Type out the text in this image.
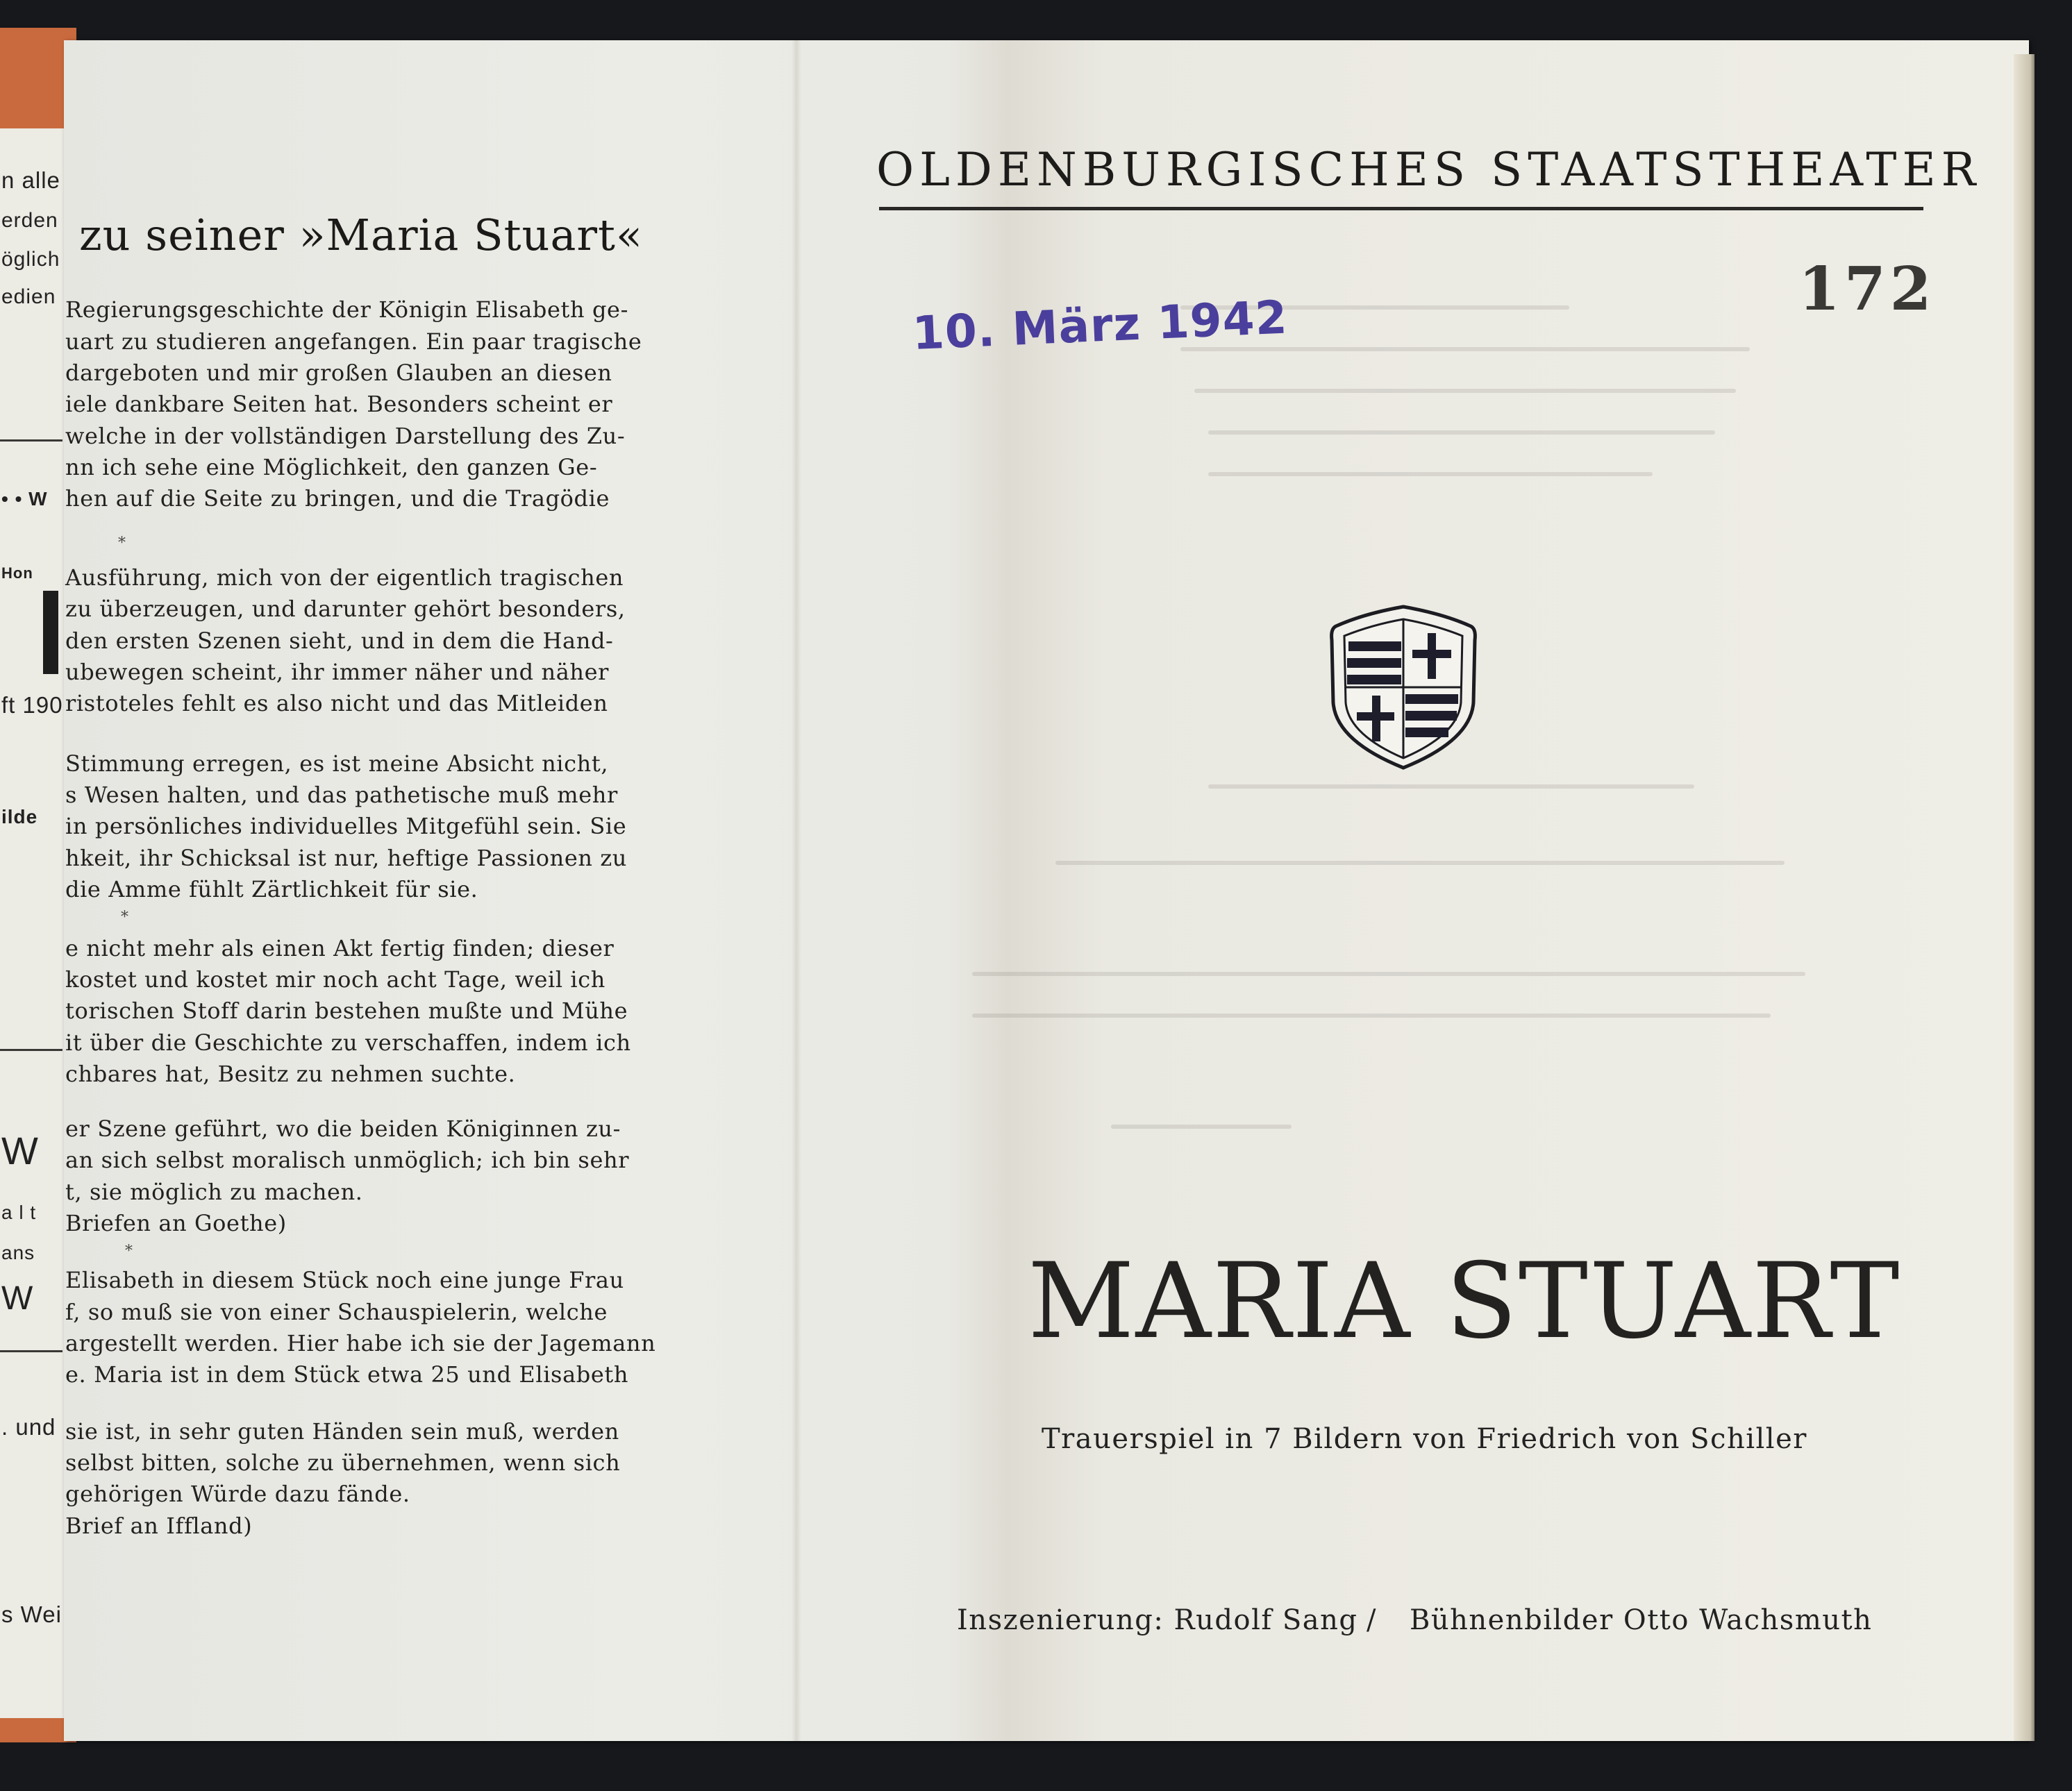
n alle
erden
öglich
edien
• • W
Hon
ft 190
ilde
W
a l t
ans
W
. und
s Wei
zu seiner »Maria Stuart«
Regierungsgeschichte der Königin Elisabeth ge-
uart zu studieren angefangen. Ein paar tragische
dargeboten und mir großen Glauben an diesen
iele dankbare Seiten hat. Besonders scheint er
welche in der vollständigen Darstellung des Zu-
nn ich sehe eine Möglichkeit, den ganzen Ge-
hen auf die Seite zu bringen, und die Tragödie
*
Ausführung, mich von der eigentlich tragischen
zu überzeugen, und darunter gehört besonders,
den ersten Szenen sieht, und in dem die Hand-
ubewegen scheint, ihr immer näher und näher
ristoteles fehlt es also nicht und das Mitleiden
Stimmung erregen, es ist meine Absicht nicht,
s Wesen halten, und das pathetische muß mehr
in persönliches individuelles Mitgefühl sein. Sie
hkeit, ihr Schicksal ist nur, heftige Passionen zu
die Amme fühlt Zärtlichkeit für sie.
*
e nicht mehr als einen Akt fertig finden; dieser
kostet und kostet mir noch acht Tage, weil ich
torischen Stoff darin bestehen mußte und Mühe
it über die Geschichte zu verschaffen, indem ich
chbares hat, Besitz zu nehmen suchte.
er Szene geführt, wo die beiden Königinnen zu-
an sich selbst moralisch unmöglich; ich bin sehr
t, sie möglich zu machen.
Briefen an Goethe)
*
Elisabeth in diesem Stück noch eine junge Frau
f, so muß sie von einer Schauspielerin, welche
argestellt werden. Hier habe ich sie der Jagemann
e. Maria ist in dem Stück etwa 25 und Elisabeth
sie ist, in sehr guten Händen sein muß, werden
selbst bitten, solche zu übernehmen, wenn sich
gehörigen Würde dazu fände.
Brief an Iffland)
OLDENBURGISCHES STAATSTHEATER
172
10. März 1942
MARIA STUART
Trauerspiel in 7 Bildern von Friedrich von Schiller
Inszenierung: Rudolf Sang / Bühnenbilder Otto Wachsmuth
